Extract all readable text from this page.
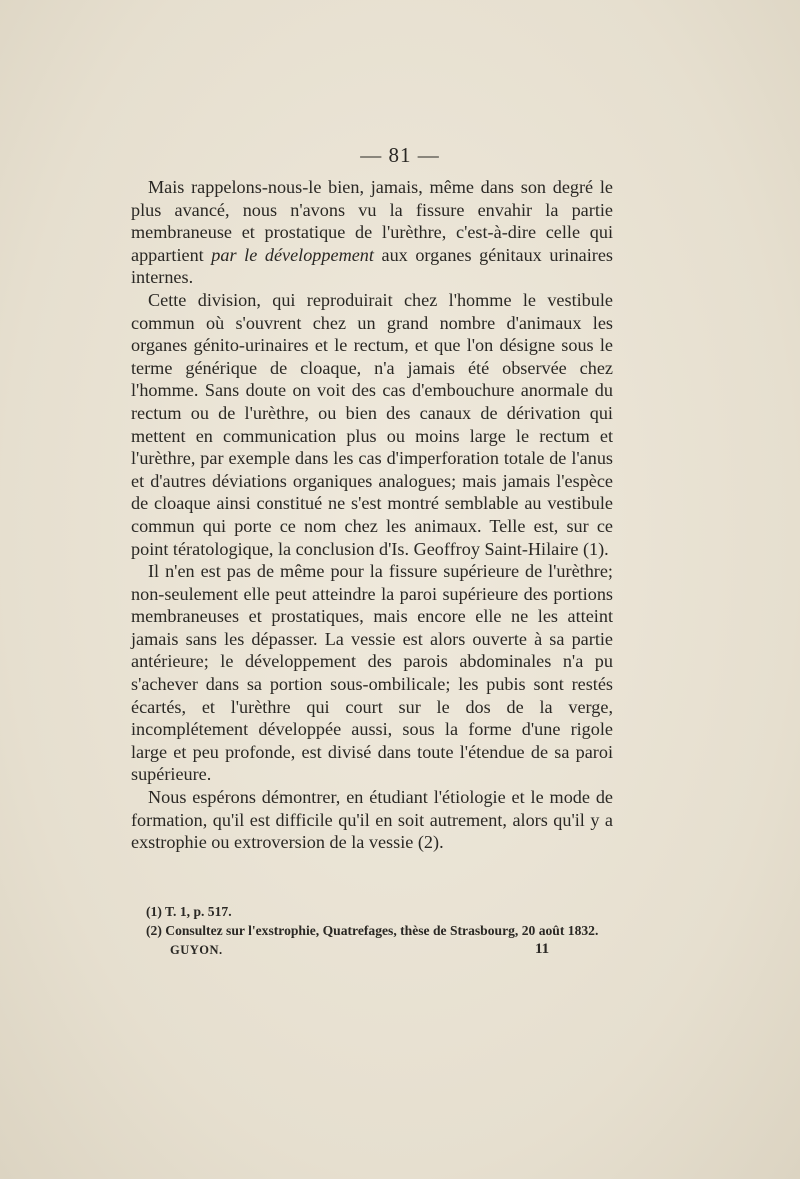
— 81 —

Mais rappelons-nous-le bien, jamais, même dans son degré le plus avancé, nous n'avons vu la fissure envahir la partie membraneuse et prostatique de l'urèthre, c'est-à-dire celle qui appartient par le développement aux organes génitaux urinaires internes.

Cette division, qui reproduirait chez l'homme le vestibule commun où s'ouvrent chez un grand nombre d'animaux les organes génito-urinaires et le rectum, et que l'on désigne sous le terme générique de cloaque, n'a jamais été observée chez l'homme. Sans doute on voit des cas d'embouchure anormale du rectum ou de l'urèthre, ou bien des canaux de dérivation qui mettent en communication plus ou moins large le rectum et l'urèthre, par exemple dans les cas d'imperforation totale de l'anus et d'autres déviations organiques analogues; mais jamais l'espèce de cloaque ainsi constitué ne s'est montré semblable au vestibule commun qui porte ce nom chez les animaux. Telle est, sur ce point tératologique, la conclusion d'Is. Geoffroy Saint-Hilaire (1).

Il n'en est pas de même pour la fissure supérieure de l'urèthre; non-seulement elle peut atteindre la paroi supérieure des portions membraneuses et prostatiques, mais encore elle ne les atteint jamais sans les dépasser. La vessie est alors ouverte à sa partie antérieure; le développement des parois abdominales n'a pu s'achever dans sa portion sous-ombilicale; les pubis sont restés écartés, et l'urèthre qui court sur le dos de la verge, incomplétement développée aussi, sous la forme d'une rigole large et peu profonde, est divisé dans toute l'étendue de sa paroi supérieure.

Nous espérons démontrer, en étudiant l'étiologie et le mode de formation, qu'il est difficile qu'il en soit autrement, alors qu'il y a exstrophie ou extroversion de la vessie (2).

(1) T. 1, p. 517.

(2) Consultez sur l'exstrophie, Quatrefages, thèse de Strasbourg, 20 août 1832.

GUYON.	11
